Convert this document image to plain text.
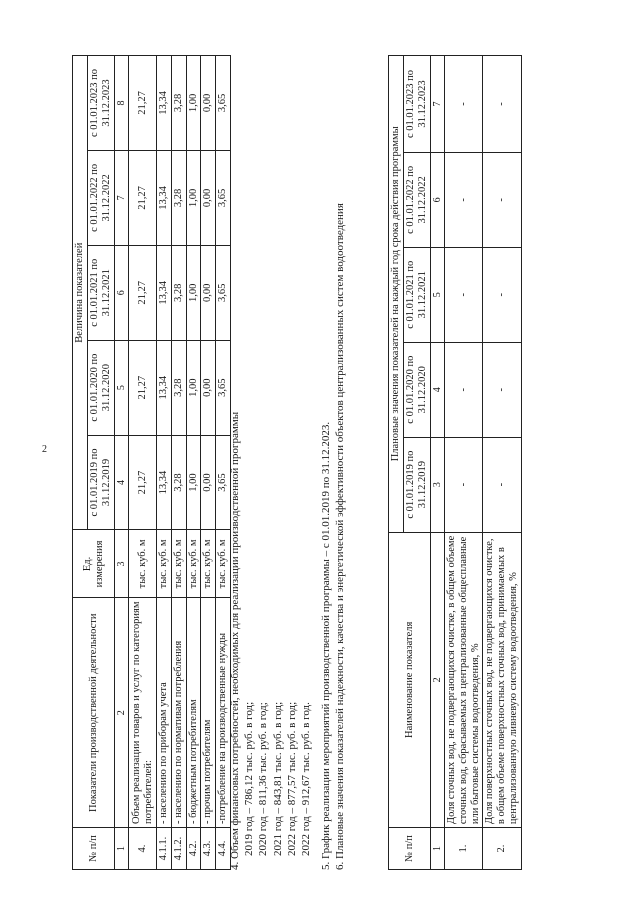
2
№ п/п	Показатели производственной деятельности	Ед. измерения	Величина показателей				
			с 01.01.2019 по 31.12.2019	с 01.01.2020 по 31.12.2020	с 01.01.2021 по 31.12.2021	с 01.01.2022 по 31.12.2022	с 01.01.2023 по 31.12.2023
1	2	3	4	5	6	7	8
4.	Объем реализации товаров и услуг по категориям потребителей:	тыс. куб. м	21,27	21,27	21,27	21,27	21,27
4.1.1.	- населению по приборам учета	тыс. куб. м	13,34	13,34	13,34	13,34	13,34
4.1.2.	- населению по нормативам потребления	тыс. куб. м	3,28	3,28	3,28	3,28	3,28
4.2.	- бюджетным потребителям	тыс. куб. м	1,00	1,00	1,00	1,00	1,00
4.3.	- прочим потребителям	тыс. куб. м	0,00	0,00	0,00	0,00	0,00
4.4.	-потребление на производственные нужды	тыс. куб. м	3,65	3,65	3,65	3,65	3,65
4. Объем финансовых потребностей, необходимых для реализации производственной программы 2019 год – 786,12 тыс. руб. в год; 2020 год – 811,36 тыс. руб. в год; 2021 год – 843,81 тыс. руб. в год; 2022 год – 877,57 тыс. руб. в год; 2022 год – 912,67 тыс. руб. в год. 5. График реализации мероприятий производственной программы – с 01.01.2019 по 31.12.2023. 6. Плановые значения показателей надежности, качества и энергетической эффективности объектов централизованных систем водоотведения	№ п/п	Наименование показателя	Плановые значения показателей на каждый год срока действия программы				
		с 01.01.2019 по 31.12.2019	с 01.01.2020 по 31.12.2020	с 01.01.2021 по 31.12.2021	с 01.01.2022 по 31.12.2022	с 01.01.2023 по 31.12.2023
1	2	3	4	5	6	7
1.	Доля сточных вод, не подвергающихся очистке, в общем объеме сточных вод, сбрасываемых в централизованные общесплавные или бытовые системы водоотведения, %	-	-	-	-	-
2.	Доля поверхностных сточных вод, не подвергающихся очистке, в общем объеме поверхностных сточных вод, принимаемых в централизованную ливневую систему водоотведения, %	-	-	-	-	-
